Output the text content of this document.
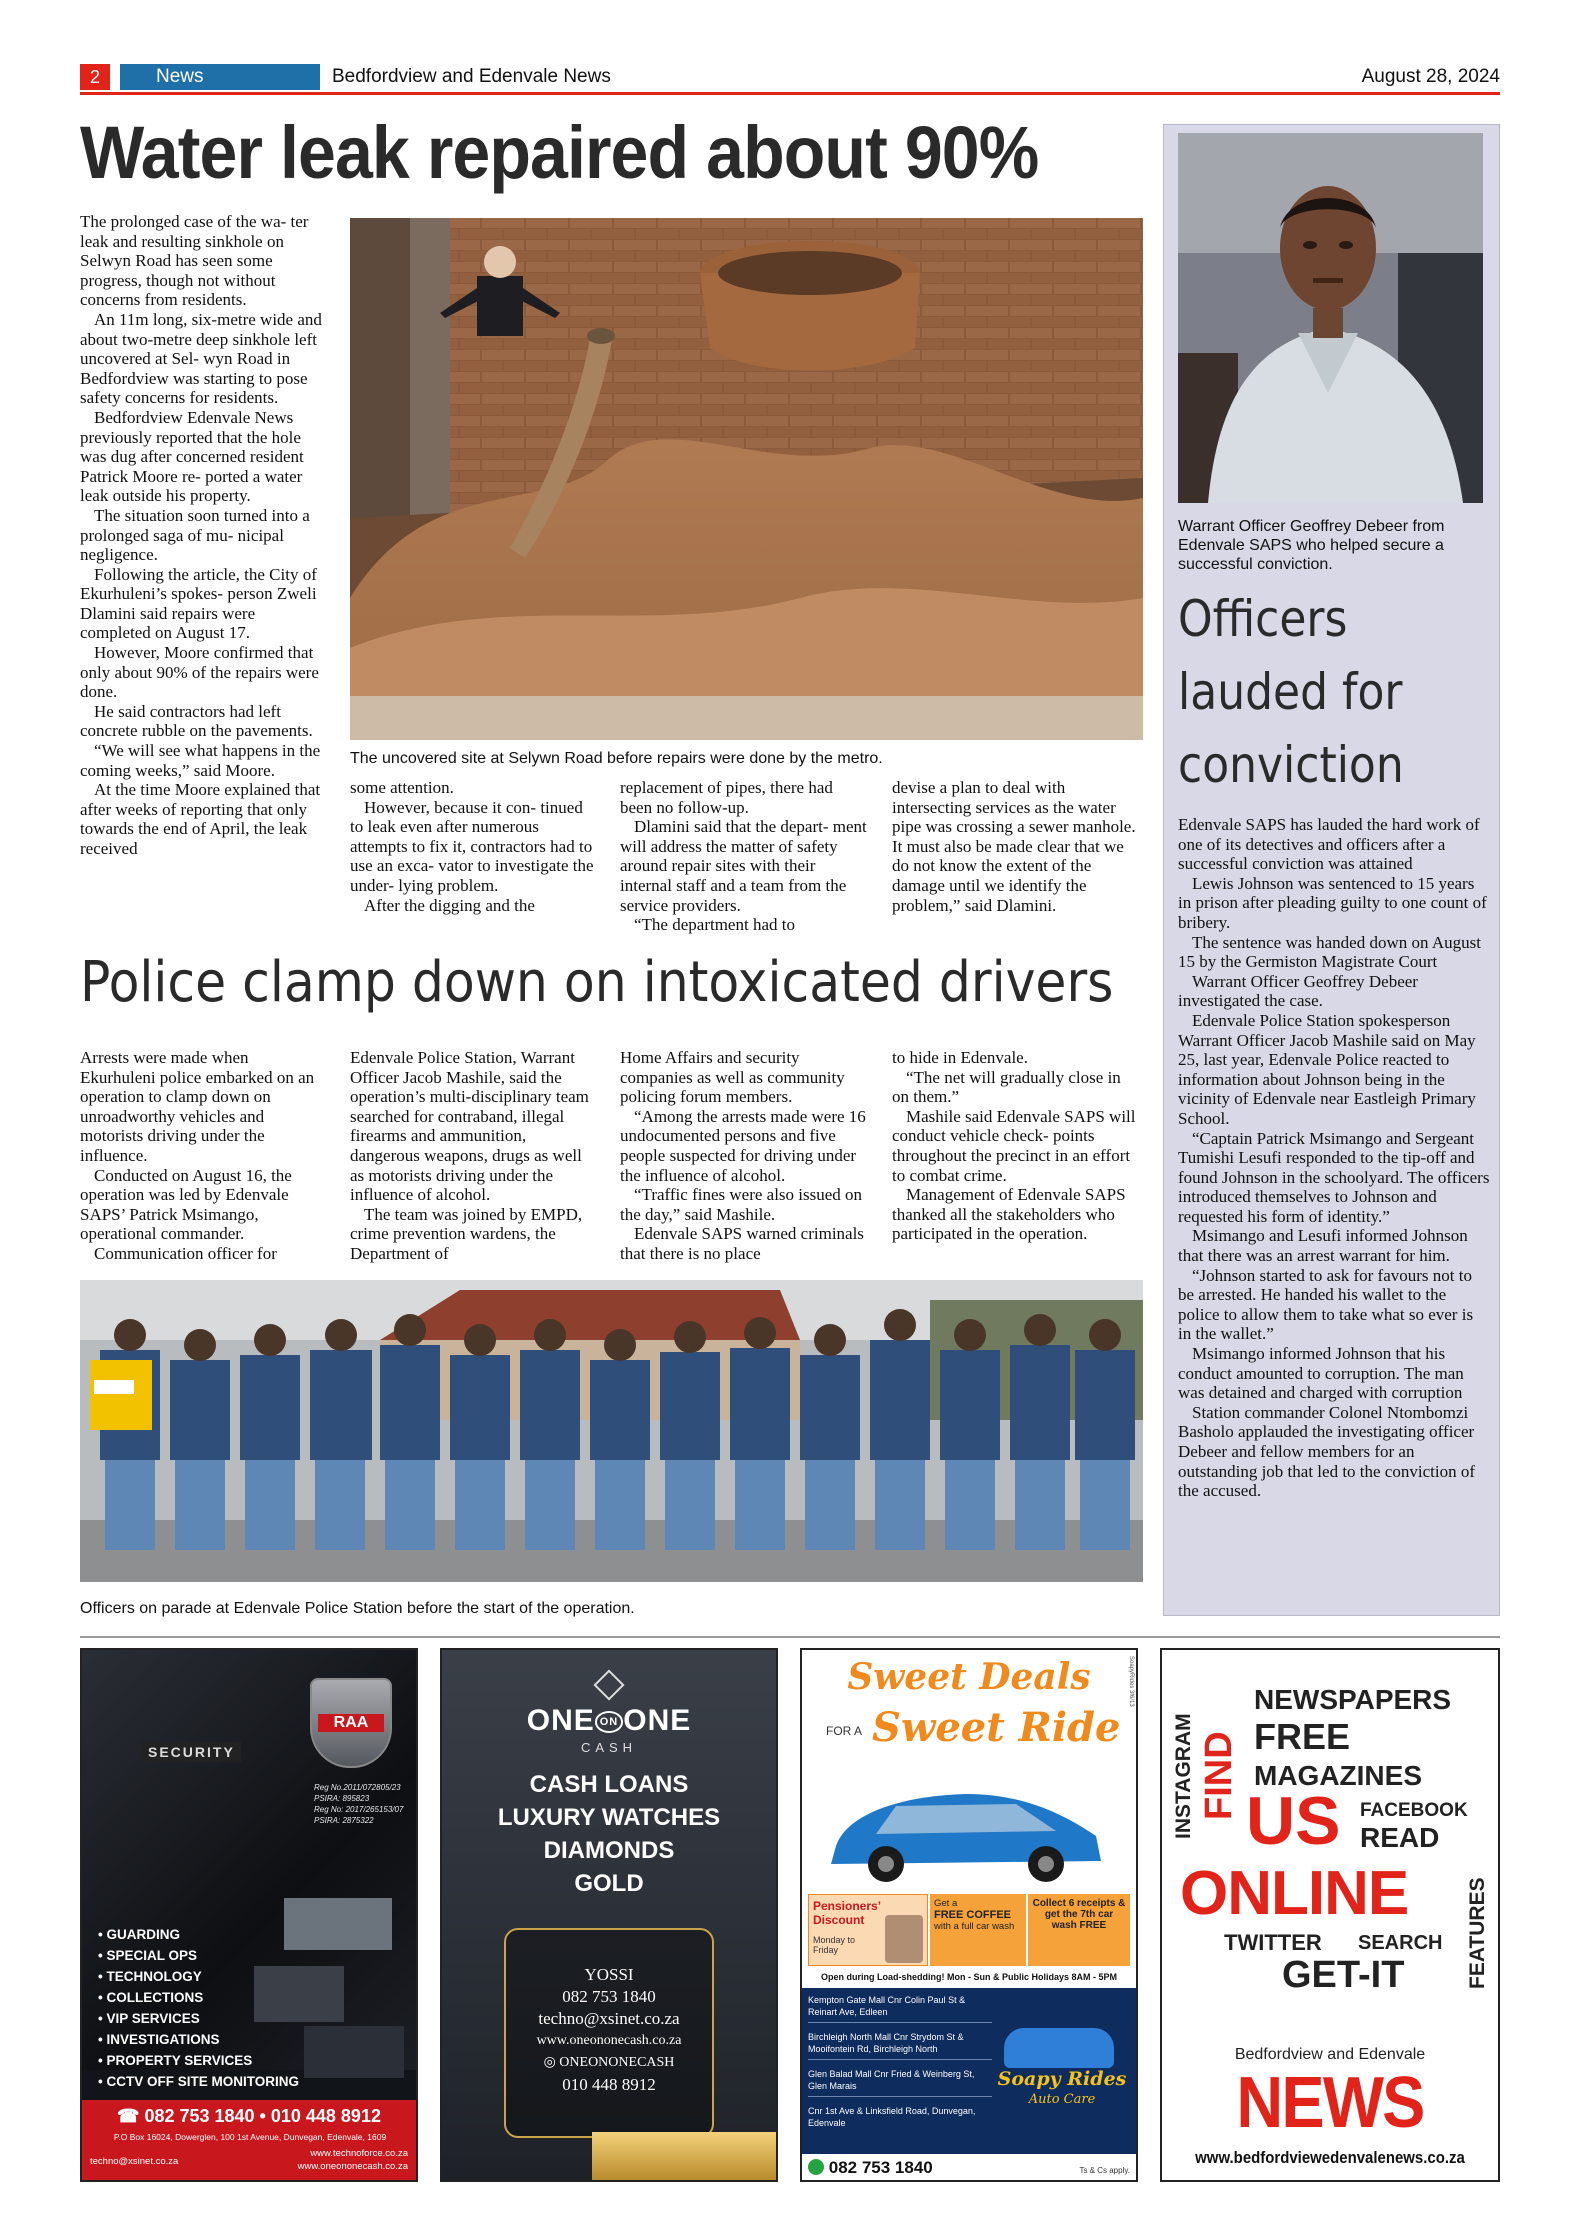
2	News	Bedfordview and Edenvale News	August 28, 2024
Water leak repaired about 90%

The prolonged case of the wa- ter leak and resulting sinkhole on Selwyn Road has seen some progress, though not without concerns from residents.

An 11m long, six-metre wide and about two-metre deep sinkhole left uncovered at Sel- wyn Road in Bedfordview was starting to pose safety concerns for residents.

Bedfordview Edenvale News previously reported that the hole was dug after concerned resident Patrick Moore re- ported a water leak outside his property.

The situation soon turned into a prolonged saga of mu- nicipal negligence.

Following the article, the City of Ekurhuleni’s spokes- person Zweli Dlamini said repairs were completed on August 17.

However, Moore confirmed that only about 90% of the repairs were done.

He said contractors had left concrete rubble on the pavements.

“We will see what happens in the coming weeks,” said Moore.

At the time Moore explained that after weeks of reporting that only towards the end of April, the leak received

The uncovered site at Selywn Road before repairs were done by the metro.

some attention.

However, because it con- tinued to leak even after numerous attempts to fix it, contractors had to use an exca- vator to investigate the under- lying problem.

After the digging and the

replacement of pipes, there had been no follow-up.

Dlamini said that the depart- ment will address the matter of safety around repair sites with their internal staff and a team from the service providers.

“The department had to

devise a plan to deal with intersecting services as the water pipe was crossing a sewer manhole. It must also be made clear that we do not know the extent of the damage until we identify the problem,” said Dlamini.

Police clamp down on intoxicated drivers

Arrests were made when Ekurhuleni police embarked on an operation to clamp down on unroadworthy vehicles and motorists driving under the influence.

Conducted on August 16, the operation was led by Edenvale SAPS’ Patrick Msimango, operational commander.

Communication officer for

Edenvale Police Station, Warrant Officer Jacob Mashile, said the operation’s multi-disciplinary team searched for contraband, illegal firearms and ammunition, dangerous weapons, drugs as well as motorists driving under the influence of alcohol.

The team was joined by EMPD, crime prevention wardens, the Department of

Home Affairs and security companies as well as community policing forum members.

“Among the arrests made were 16 undocumented persons and five people suspected for driving under the influence of alcohol.

“Traffic fines were also issued on the day,” said Mashile.

Edenvale SAPS warned criminals that there is no place

to hide in Edenvale.

“The net will gradually close in on them.”

Mashile said Edenvale SAPS will conduct vehicle check- points throughout the precinct in an effort to combat crime.

Management of Edenvale SAPS thanked all the stakeholders who participated in the operation.

Officers on parade at Edenvale Police Station before the start of the operation.
Warrant Officer Geoffrey Debeer from Edenvale SAPS who helped secure a successful conviction.
Officers
lauded for
conviction

Edenvale SAPS has lauded the hard work of one of its detectives and officers after a successful conviction was attained

Lewis Johnson was sentenced to 15 years in prison after pleading guilty to one count of bribery.

The sentence was handed down on August 15 by the Germiston Magistrate Court

Warrant Officer Geoffrey Debeer investigated the case.

Edenvale Police Station spokesperson Warrant Officer Jacob Mashile said on May 25, last year, Edenvale Police reacted to information about Johnson being in the vicinity of Edenvale near Eastleigh Primary School.

“Captain Patrick Msimango and Sergeant Tumishi Lesufi responded to the tip-off and found Johnson in the schoolyard. The officers introduced themselves to Johnson and requested his form of identity.”

Msimango and Lesufi informed Johnson that there was an arrest warrant for him.

“Johnson started to ask for favours not to be arrested. He handed his wallet to the police to allow them to take what so ever is in the wallet.”

Msimango informed Johnson that his conduct amounted to corruption. The man was detained and charged with corruption

Station commander Colonel Ntombomzi Basholo applauded the investigating officer Debeer and fellow members for an outstanding job that led to the conviction of the accused.

SECURITY
RAA
Reg No.2011/072805/23
PSIRA: 895823
Reg No: 2017/265153/07
PSIRA: 2875322
• GUARDING
• SPECIAL OPS
• TECHNOLOGY
• COLLECTIONS
• VIP SERVICES
• INVESTIGATIONS
• PROPERTY SERVICES
• CCTV OFF SITE MONITORING
☎ 082 753 1840 • 010 448 8912
P.O Box 16024, Dowerglen, 100 1st Avenue, Dunvegan, Edenvale, 1609
techno@xsinet.co.za
www.technoforce.co.za
www.oneononecash.co.za
ONE ON ONE
CASH
CASH LOANS
LUXURY WATCHES
DIAMONDS
GOLD
YOSSI
082 753 1840
techno@xsinet.co.za
www.oneononecash.co.za
◎ ONEONONECASH
010 448 8912
SoapyRides 3f6/13
Sweet Deals
FOR A Sweet Ride
Pensioners’ Discount
Monday to Friday
Get a
FREE COFFEE
with a full car wash
Collect 6 receipts & get the 7th car wash FREE
Open during Load-shedding! Mon - Sun & Public Holidays 8AM - 5PM
Kempton Gate Mall Cnr Colin Paul St & Reinart Ave, Edleen
Birchleigh North Mall Cnr Strydom St & Mooifontein Rd, Birchleigh North
Glen Balad Mall Cnr Fried & Weinberg St, Glen Marais
Cnr 1st Ave & Linksfield Road, Dunvegan, Edenvale
Soapy Rides
Auto Care
082 753 1840	Ts & Cs apply.
INSTAGRAM FIND
NEWSPAPERS
FREE
MAGAZINES
US FACEBOOK
READ
ONLINE	FEATURES
TWITTER SEARCH
GET-IT
Bedfordview and Edenvale
NEWS
www.bedfordviewedenvalenews.co.za
